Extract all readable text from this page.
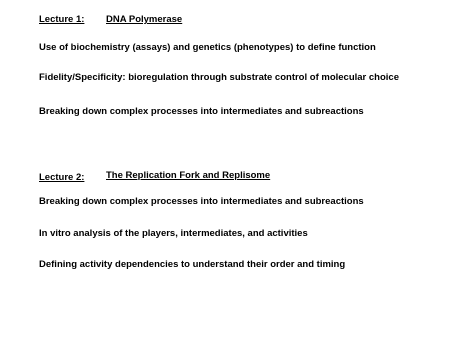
Lecture 1: DNA Polymerase
Use of biochemistry (assays) and genetics (phenotypes) to define function
Fidelity/Specificity: bioregulation through substrate control of molecular choice
Breaking down complex processes into intermediates and subreactions
Lecture 2: The Replication Fork and Replisome
Breaking down complex processes into intermediates and subreactions
In vitro analysis of the players, intermediates, and activities
Defining activity dependencies to understand their order and timing
